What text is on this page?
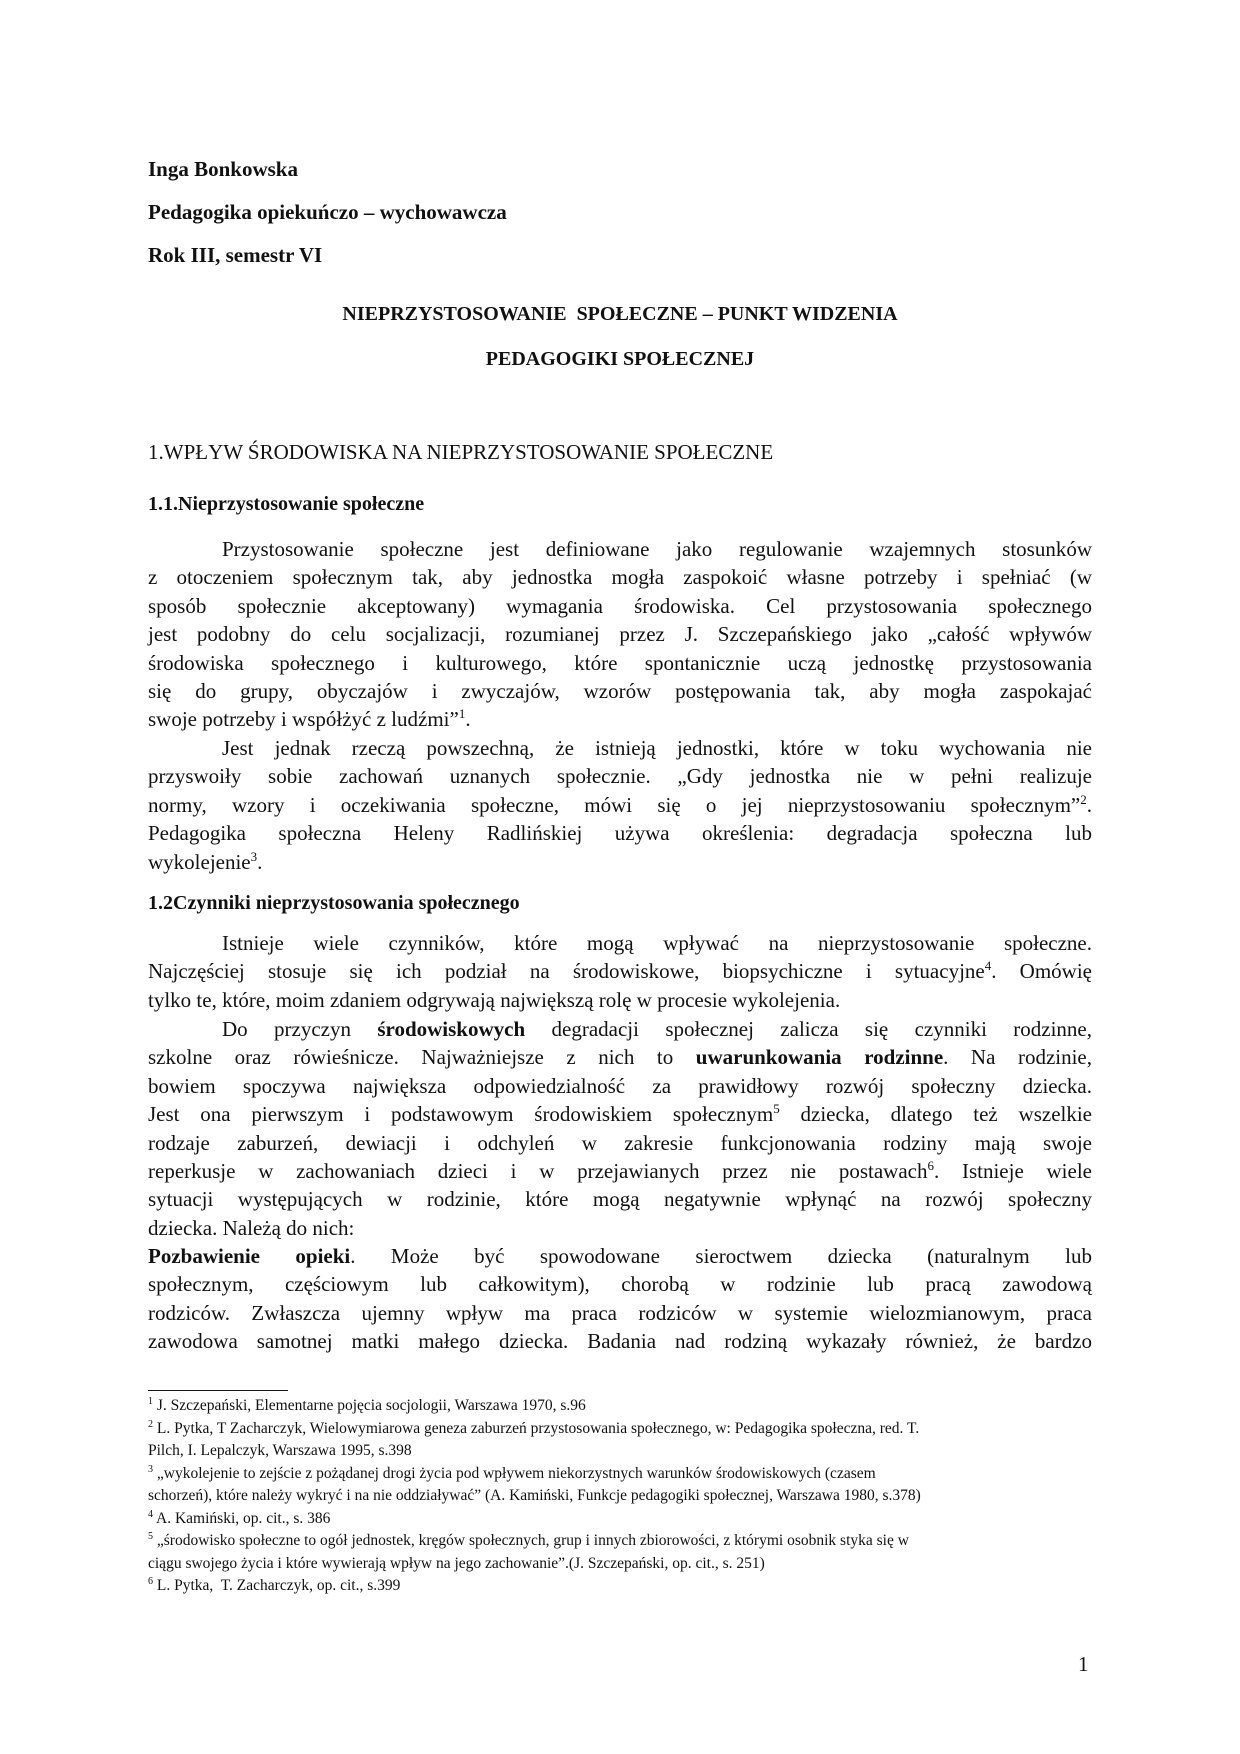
Inga Bonkowska

Pedagogika opiekuńczo – wychowawcza

Rok III, semestr VI

NIEPRZYSTOSOWANIE  SPOŁECZNE – PUNKT WIDZENIA

PEDAGOGIKI SPOŁECZNEJ

1.WPŁYW ŚRODOWISKA NA NIEPRZYSTOSOWANIE SPOŁECZNE
1.1.Nieprzystosowanie społeczne
Przystosowanie społeczne jest definiowane jako regulowanie wzajemnych stosunków
z otoczeniem społecznym tak, aby jednostka mogła zaspokoić własne potrzeby i spełniać (w
sposób społecznie akceptowany) wymagania środowiska. Cel przystosowania społecznego
jest podobny do celu socjalizacji, rozumianej przez J. Szczepańskiego jako „całość wpływów
środowiska społecznego i kulturowego, które spontanicznie uczą jednostkę przystosowania
się do grupy, obyczajów i zwyczajów, wzorów postępowania tak, aby mogła zaspokajać
swoje potrzeby i współżyć z ludźmi”$^1$.
Jest jednak rzeczą powszechną, że istnieją jednostki, które w toku wychowania nie
przyswoiły sobie zachowań uznanych społecznie. „Gdy jednostka nie w pełni realizuje
normy, wzory i oczekiwania społeczne, mówi się o jej nieprzystosowaniu społecznym”$^2$.
Pedagogika społeczna Heleny Radlińskiej używa określenia: degradacja społeczna lub
wykolejenie$^3$.
1.2Czynniki nieprzystosowania społecznego
Istnieje wiele czynników, które mogą wpływać na nieprzystosowanie społeczne.
Najczęściej stosuje się ich podział na środowiskowe, biopsychiczne i sytuacyjne$^4$. Omówię
tylko te, które, moim zdaniem odgrywają największą rolę w procesie wykolejenia.
Do przyczyn środowiskowych degradacji społecznej zalicza się czynniki rodzinne,
szkolne oraz rówieśnicze. Najważniejsze z nich to uwarunkowania rodzinne. Na rodzinie,
bowiem spoczywa największa odpowiedzialność za prawidłowy rozwój społeczny dziecka.
Jest ona pierwszym i podstawowym środowiskiem społecznym$^5$ dziecka, dlatego też wszelkie
rodzaje zaburzeń, dewiacji i odchyleń w zakresie funkcjonowania rodziny mają swoje
reperkusje w zachowaniach dzieci i w przejawianych przez nie postawach$^6$. Istnieje wiele
sytuacji występujących w rodzinie, które mogą negatywnie wpłynąć na rozwój społeczny
dziecka. Należą do nich:
Pozbawienie opieki. Może być spowodowane sieroctwem dziecka (naturalnym lub
społecznym, częściowym lub całkowitym), chorobą w rodzinie lub pracą zawodową
rodziców. Zwłaszcza ujemny wpływ ma praca rodziców w systemie wielozmianowym, praca
zawodowa samotnej matki małego dziecka. Badania nad rodziną wykazały również, że bardzo

$^1$ J. Szczepański, Elementarne pojęcia socjologii, Warszawa 1970, s.96

$^2$ L. Pytka, T Zacharczyk, Wielowymiarowa geneza zaburzeń przystosowania społecznego, w: Pedagogika społeczna, red. T.
Pilch, I. Lepalczyk, Warszawa 1995, s.398

$^3$ „wykolejenie to zejście z pożądanej drogi życia pod wpływem niekorzystnych warunków środowiskowych (czasem
schorzeń), które należy wykryć i na nie oddziaływać” (A. Kamiński, Funkcje pedagogiki społecznej, Warszawa 1980, s.378)

$^4$ A. Kamiński, op. cit., s. 386

$^5$ „środowisko społeczne to ogół jednostek, kręgów społecznych, grup i innych zbiorowości, z którymi osobnik styka się w
ciągu swojego życia i które wywierają wpływ na jego zachowanie”.(J. Szczepański, op. cit., s. 251)

$^6$ L. Pytka,  T. Zacharczyk, op. cit., s.399

1
